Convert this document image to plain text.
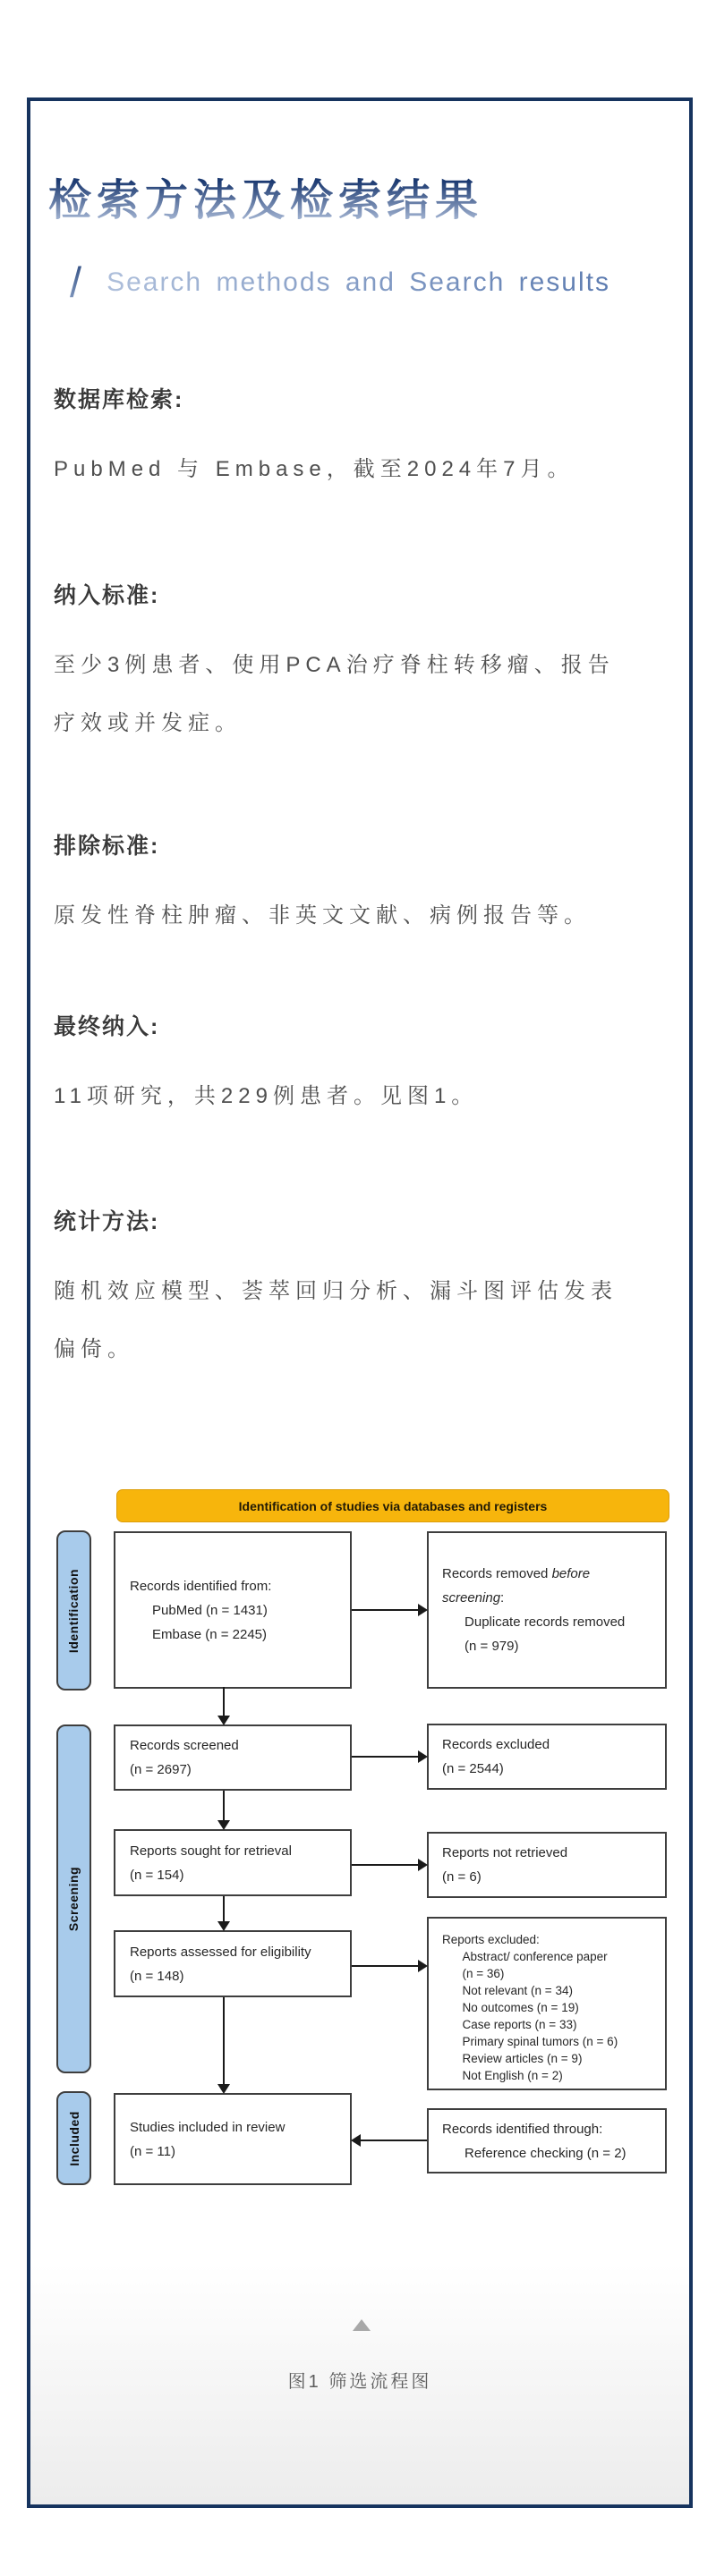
检索方法及检索结果
/ Search methods and Search results
数据库检索:
PubMed 与 Embase，截至2024年7月。
纳入标准:
至少3例患者、使用PCA治疗脊柱转移瘤、报告
疗效或并发症。
排除标准:
原发性脊柱肿瘤、非英文文献、病例报告等。
最终纳入:
11项研究，共229例患者。见图1。
统计方法:
随机效应模型、荟萃回归分析、漏斗图评估发表
偏倚。
Identification of studies via databases and registers
Identification
Screening
Included
Records identified from:
PubMed (n = 1431)
Embase (n = 2245)
Records screened
(n = 2697)
Reports sought for retrieval
(n = 154)
Reports assessed for eligibility
(n = 148)
Studies included in review
(n = 11)
Records removed before
screening:
Duplicate records removed
(n = 979)
Records excluded
(n = 2544)
Reports not retrieved
(n = 6)
Reports excluded:
Abstract/ conference paper
(n = 36)
Not relevant (n = 34)
No outcomes (n = 19)
Case reports (n = 33)
Primary spinal tumors (n = 6)
Review articles (n = 9)
Not English (n = 2)
Records identified through:
Reference checking (n = 2)
图1 筛选流程图
